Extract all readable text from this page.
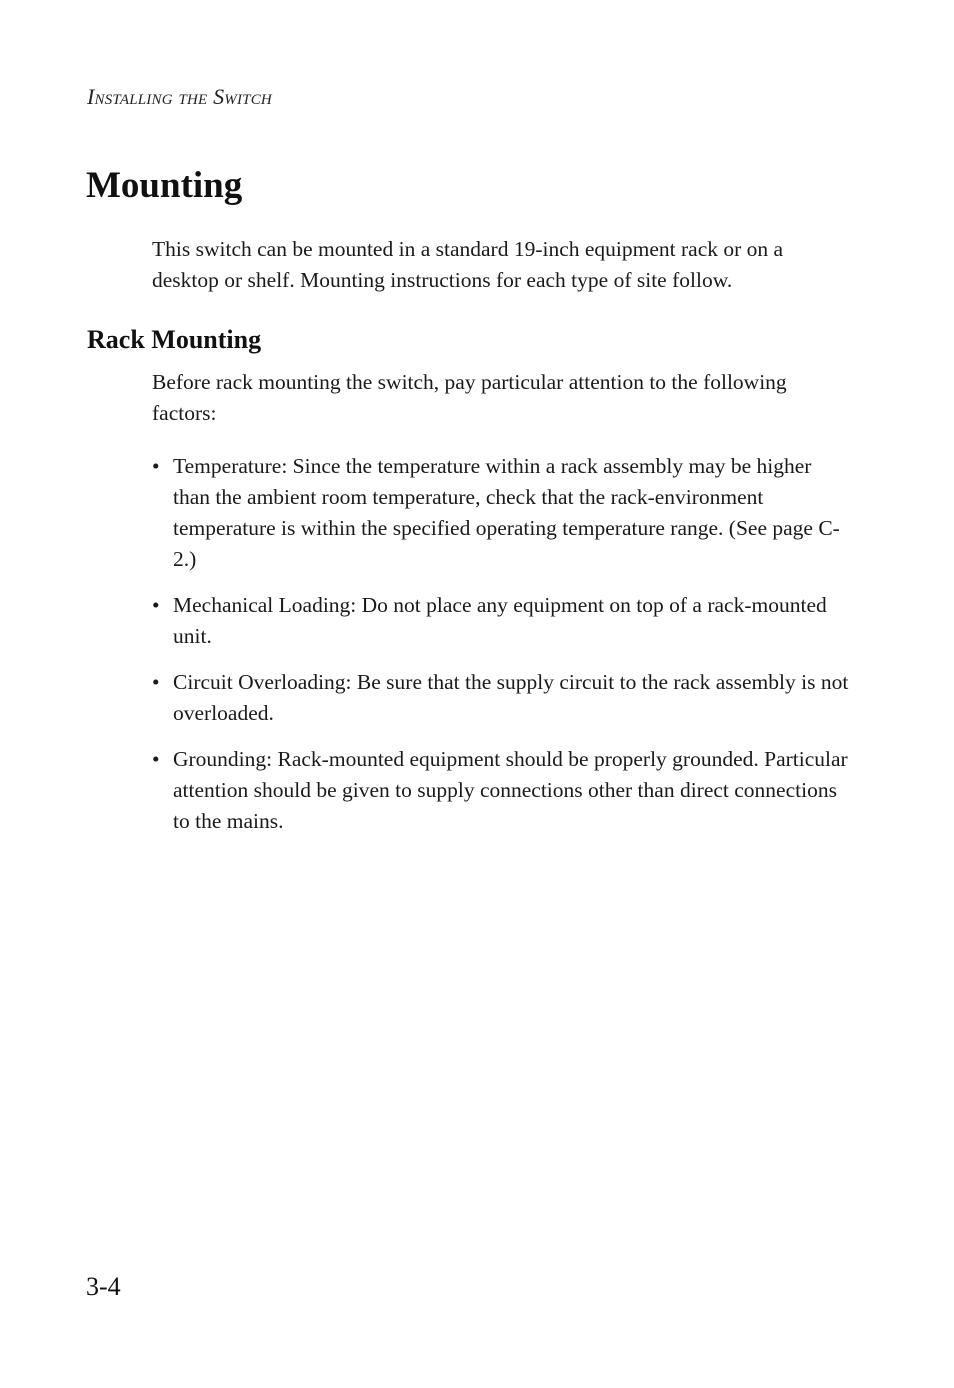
Installing the Switch
Mounting

This switch can be mounted in a standard 19-inch equipment rack or on a desktop or shelf. Mounting instructions for each type of site follow.

Rack Mounting

Before rack mounting the switch, pay particular attention to the following factors:

• Temperature: Since the temperature within a rack assembly may be higher than the ambient room temperature, check that the rack-environment temperature is within the specified operating temperature range. (See page C-2.)
• Mechanical Loading: Do not place any equipment on top of a rack-mounted unit.
• Circuit Overloading: Be sure that the supply circuit to the rack assembly is not overloaded.
• Grounding: Rack-mounted equipment should be properly grounded. Particular attention should be given to supply connections other than direct connections to the mains.
3-4
